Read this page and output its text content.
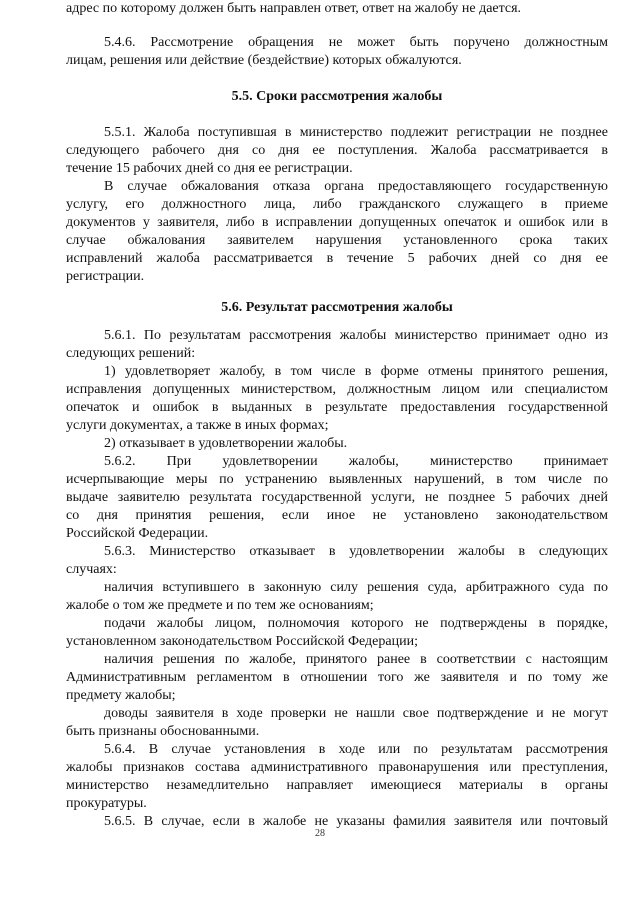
5.4.6. Рассмотрение обращения не может быть поручено должностным
лицам, решения или действие (бездействие) которых обжалуются.
5.5. Сроки рассмотрения жалобы
5.5.1. Жалоба поступившая в министерство подлежит регистрации не позднее
следующего рабочего дня со дня ее поступления. Жалоба рассматривается в
течение 15 рабочих дней со дня ее регистрации.
В случае обжалования отказа органа предоставляющего государственную
услугу, его должностного лица, либо гражданского служащего в приеме
документов у заявителя, либо в исправлении допущенных опечаток и ошибок или в
случае обжалования заявителем нарушения установленного срока таких
исправлений жалоба рассматривается в течение 5 рабочих дней со дня ее
регистрации.
5.6. Результат рассмотрения жалобы
5.6.1. По результатам рассмотрения жалобы министерство принимает одно из
следующих решений:
1) удовлетворяет жалобу, в том числе в форме отмены принятого решения,
исправления допущенных министерством, должностным лицом или специалистом
опечаток и ошибок в выданных в результате предоставления государственной
услуги документах, а также в иных формах;
2) отказывает в удовлетворении жалобы.
5.6.2. При удовлетворении жалобы, министерство принимает
исчерпывающие меры по устранению выявленных нарушений, в том числе по
выдаче заявителю результата государственной услуги, не позднее 5 рабочих дней
со дня принятия решения, если иное не установлено законодательством
Российской Федерации.
5.6.3. Министерство отказывает в удовлетворении жалобы в следующих
случаях:
наличия вступившего в законную силу решения суда, арбитражного суда по
жалобе о том же предмете и по тем же основаниям;
подачи жалобы лицом, полномочия которого не подтверждены в порядке,
установленном законодательством Российской Федерации;
наличия решения по жалобе, принятого ранее в соответствии с настоящим
Административным регламентом в отношении того же заявителя и по тому же
предмету жалобы;
доводы заявителя в ходе проверки не нашли свое подтверждение и не могут
быть признаны обоснованными.
5.6.4. В случае установления в ходе или по результатам рассмотрения
жалобы признаков состава административного правонарушения или преступления,
министерство незамедлительно направляет имеющиеся материалы в органы
прокуратуры.
5.6.5. В случае, если в жалобе не указаны фамилия заявителя или почтовый
адрес по которому должен быть направлен ответ, ответ на жалобу не дается.
28
